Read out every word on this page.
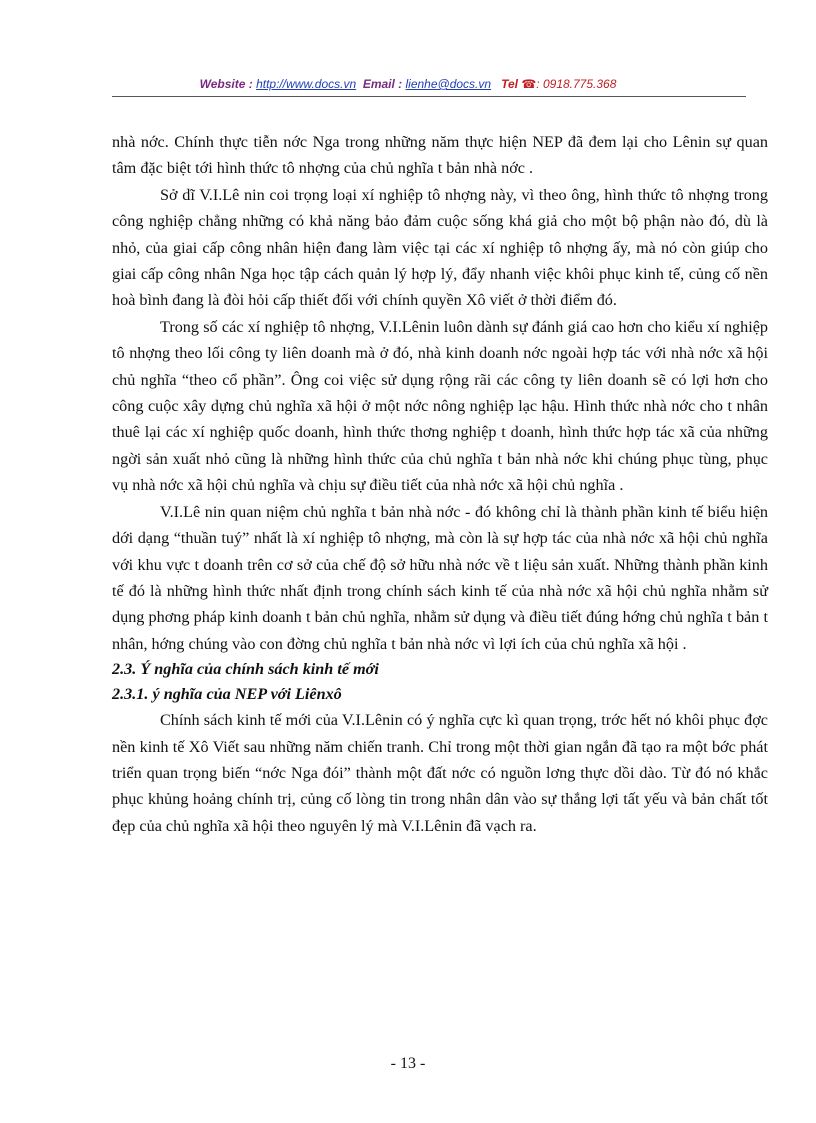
Website : http://www.docs.vn Email : lienhe@docs.vn Tel ☎: 0918.775.368

nhà nớc. Chính thực tiễn nớc Nga trong những năm thực hiện NEP đã đem lại cho Lênin sự quan tâm đặc biệt tới hình thức tô nhợng của chủ nghĩa t bản nhà nớc .

Sở dĩ V.I.Lê nin coi trọng loại xí nghiệp tô nhợng này, vì theo ông, hình thức tô nhợng trong công nghiệp chẳng những có khả năng bảo đảm cuộc sống khá giả cho một bộ phận nào đó, dù là nhỏ, của giai cấp công nhân hiện đang làm việc tại các xí nghiệp tô nhợng ấy, mà nó còn giúp cho giai cấp công nhân Nga học tập cách quản lý hợp lý, đẩy nhanh việc khôi phục kinh tế, củng cố nền hoà bình đang là đòi hỏi cấp thiết đối với chính quyền Xô viết ở thời điểm đó.

Trong số các xí nghiệp tô nhợng, V.I.Lênin luôn dành sự đánh giá cao hơn cho kiểu xí nghiệp tô nhợng theo lối công ty liên doanh mà ở đó, nhà kinh doanh nớc ngoài hợp tác với nhà nớc xã hội chủ nghĩa “theo cổ phần”. Ông coi việc sử dụng rộng rãi các công ty liên doanh sẽ có lợi hơn cho công cuộc xây dựng chủ nghĩa xã hội ở một nớc nông nghiệp lạc hậu. Hình thức nhà nớc cho t nhân thuê lại các xí nghiệp quốc doanh, hình thức thơng nghiệp t doanh, hình thức hợp tác xã của những ngời sản xuất nhỏ cũng là những hình thức của chủ nghĩa t bản nhà nớc khi chúng phục tùng, phục vụ nhà nớc xã hội chủ nghĩa và chịu sự điều tiết của nhà nớc xã hội chủ nghĩa .

V.I.Lê nin quan niệm chủ nghĩa t bản nhà nớc - đó không chỉ là thành phần kinh tế biểu hiện dới dạng “thuần tuý” nhất là xí nghiệp tô nhợng, mà còn là sự hợp tác của nhà nớc xã hội chủ nghĩa với khu vực t doanh trên cơ sở của chế độ sở hữu nhà nớc về t liệu sản xuất. Những thành phần kinh tế đó là những hình thức nhất định trong chính sách kinh tế của nhà nớc xã hội chủ nghĩa nhằm sử dụng phơng pháp kinh doanh t bản chủ nghĩa, nhằm sử dụng và điều tiết đúng hớng chủ nghĩa t bản t nhân, hớng chúng vào con đờng chủ nghĩa t bản nhà nớc vì lợi ích của chủ nghĩa xã hội .

2.3. Ý nghĩa của chính sách kinh tế mới
2.3.1. ý nghĩa của NEP với Liênxô

Chính sách kinh tế mới của V.I.Lênin có ý nghĩa cực kì quan trọng, trớc hết nó khôi phục đợc nền kinh tế Xô Viết sau những năm chiến tranh. Chỉ trong một thời gian ngắn đã tạo ra một bớc phát triển quan trọng biến “nớc Nga đói” thành một đất nớc có nguồn lơng thực dồi dào. Từ đó nó khắc phục khủng hoảng chính trị, củng cố lòng tin trong nhân dân vào sự thắng lợi tất yếu và bản chất tốt đẹp của chủ nghĩa xã hội theo nguyên lý mà V.I.Lênin đã vạch ra.

- 13 -
